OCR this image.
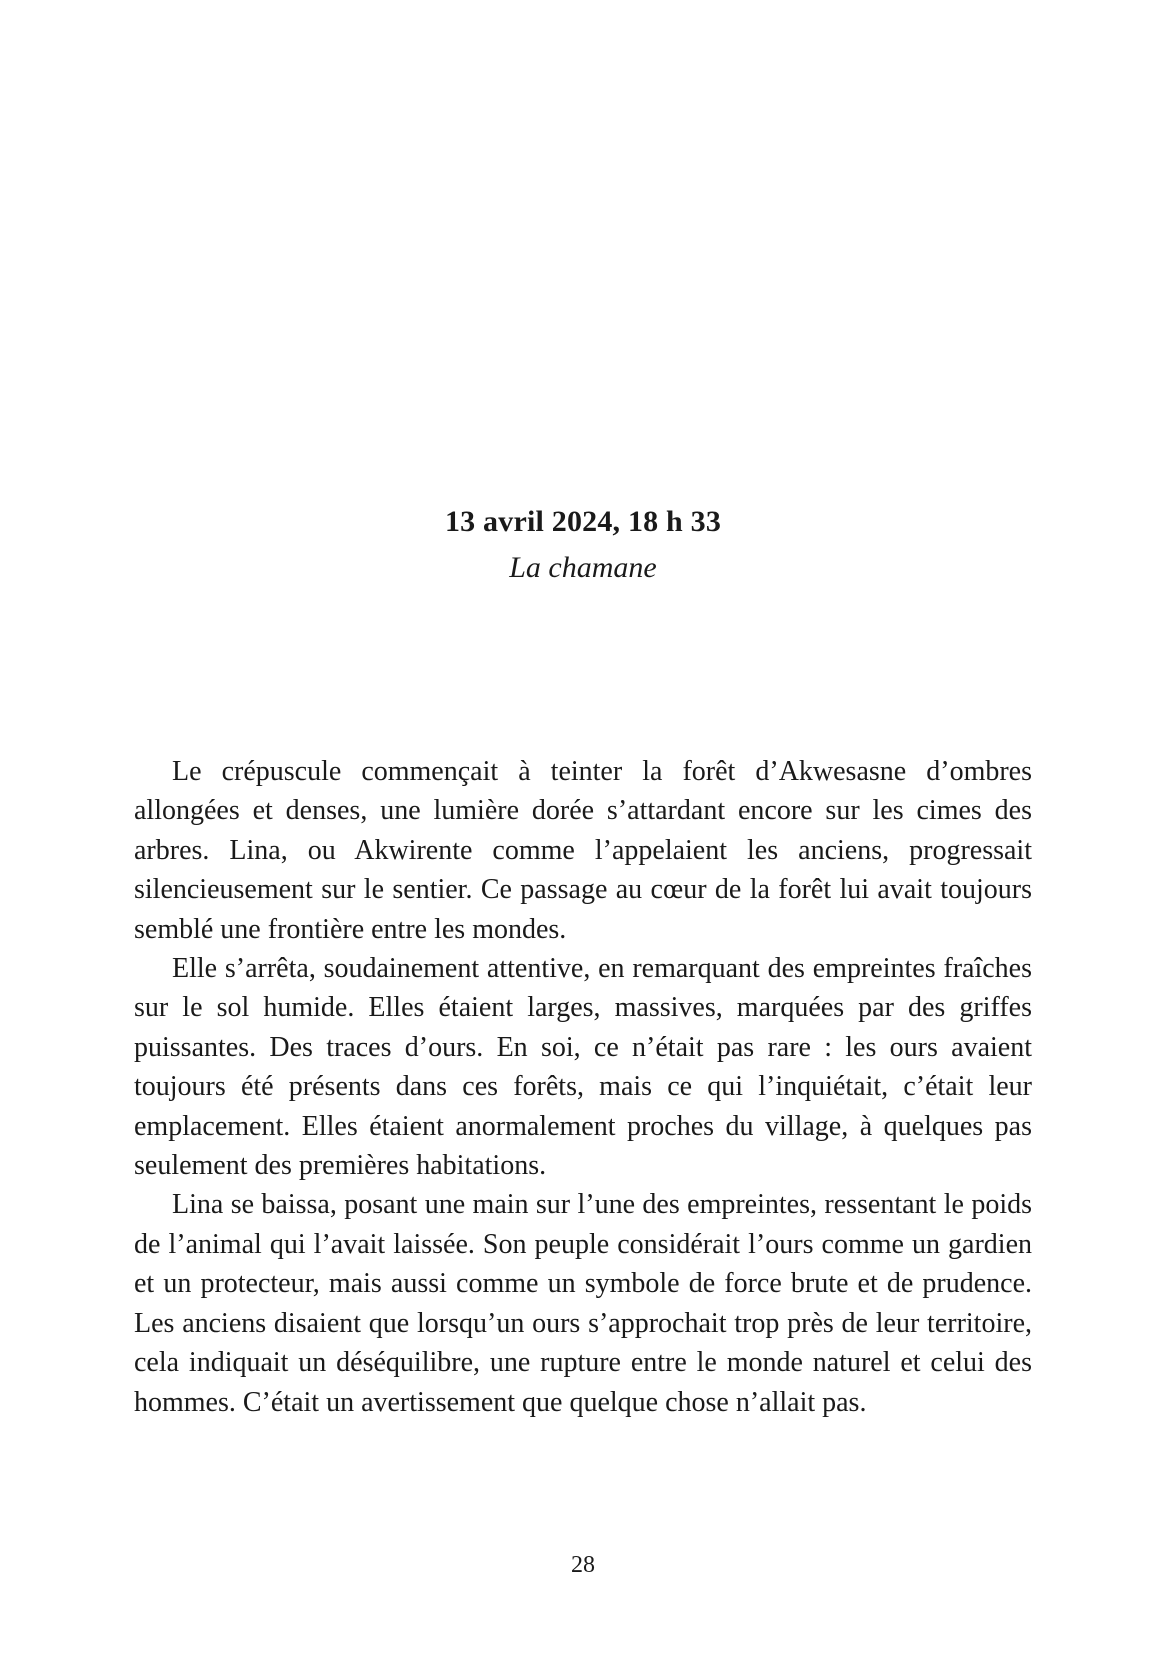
13 avril 2024, 18 h 33

La chamane

Le crépuscule commençait à teinter la forêt d’Akwesasne d’ombres allongées et denses, une lumière dorée s’attardant encore sur les cimes des arbres. Lina, ou Akwirente comme l’appelaient les anciens, progressait silencieusement sur le sentier. Ce passage au cœur de la forêt lui avait toujours semblé une frontière entre les mondes.

Elle s’arrêta, soudainement attentive, en remarquant des empreintes fraîches sur le sol humide. Elles étaient larges, massives, marquées par des griffes puissantes. Des traces d’ours. En soi, ce n’était pas rare : les ours avaient toujours été présents dans ces forêts, mais ce qui l’inquiétait, c’était leur emplacement. Elles étaient anormalement proches du village, à quelques pas seulement des premières habitations.

Lina se baissa, posant une main sur l’une des empreintes, ressentant le poids de l’animal qui l’avait laissée. Son peuple considérait l’ours comme un gardien et un protecteur, mais aussi comme un symbole de force brute et de prudence. Les anciens disaient que lorsqu’un ours s’approchait trop près de leur territoire, cela indiquait un déséquilibre, une rupture entre le monde naturel et celui des hommes. C’était un avertissement que quelque chose n’allait pas.

28
